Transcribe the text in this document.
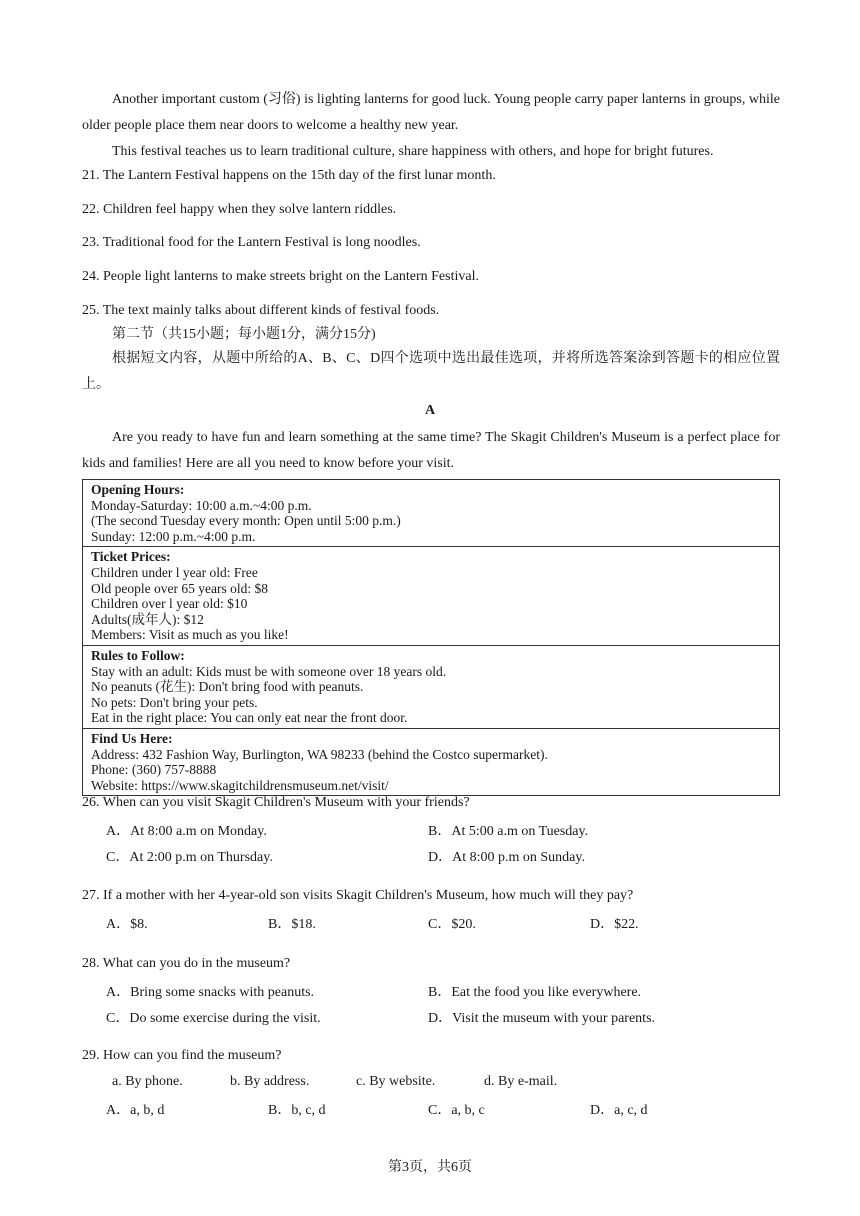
Another important custom (习俗) is lighting lanterns for good luck. Young people carry paper lanterns in groups, while older people place them near doors to welcome a healthy new year.
This festival teaches us to learn traditional culture, share happiness with others, and hope for bright futures.
21. The Lantern Festival happens on the 15th day of the first lunar month.
22. Children feel happy when they solve lantern riddles.
23. Traditional food for the Lantern Festival is long noodles.
24. People light lanterns to make streets bright on the Lantern Festival.
25. The text mainly talks about different kinds of festival foods.
第二节（共15小题；每小题1分，满分15分)
根据短文内容，从题中所给的A、B、C、D四个选项中选出最佳选项，并将所选答案涂到答题卡的相应位置上。
A
Are you ready to have fun and learn something at the same time? The Skagit Children's Museum is a perfect place for kids and families! Here are all you need to know before your visit.
Opening Hours:
Monday-Saturday: 10:00 a.m.~4:00 p.m.
(The second Tuesday every month: Open until 5:00 p.m.)
Sunday: 12:00 p.m.~4:00 p.m.
Ticket Prices:
Children under l year old: Free
Old people over 65 years old: $8
Children over l year old: $10
Adults(成年人): $12
Members: Visit as much as you like!
Rules to Follow:
Stay with an adult: Kids must be with someone over 18 years old.
No peanuts (花生): Don't bring food with peanuts.
No pets: Don't bring your pets.
Eat in the right place: You can only eat near the front door.
Find Us Here:
Address: 432 Fashion Way, Burlington, WA 98233 (behind the Costco supermarket).
Phone: (360) 757-8888
Website: https://www.skagitchildrensmuseum.net/visit/
26. When can you visit Skagit Children's Museum with your friends?
A．At 8:00 a.m on Monday.	B．At 5:00 a.m on Tuesday.
C．At 2:00 p.m on Thursday.	D．At 8:00 p.m on Sunday.
27. If a mother with her 4-year-old son visits Skagit Children's Museum, how much will they pay?
A．$8.	B．$18.	C．$20.	D．$22.
28. What can you do in the museum?
A．Bring some snacks with peanuts.	B．Eat the food you like everywhere.
C．Do some exercise during the visit.	D．Visit the museum with your parents.
29. How can you find the museum?
a. By phone.	b. By address.	c. By website.	d. By e-mail.
A．a, b, d	B．b, c, d	C．a, b, c	D．a, c, d
第3页，共6页
